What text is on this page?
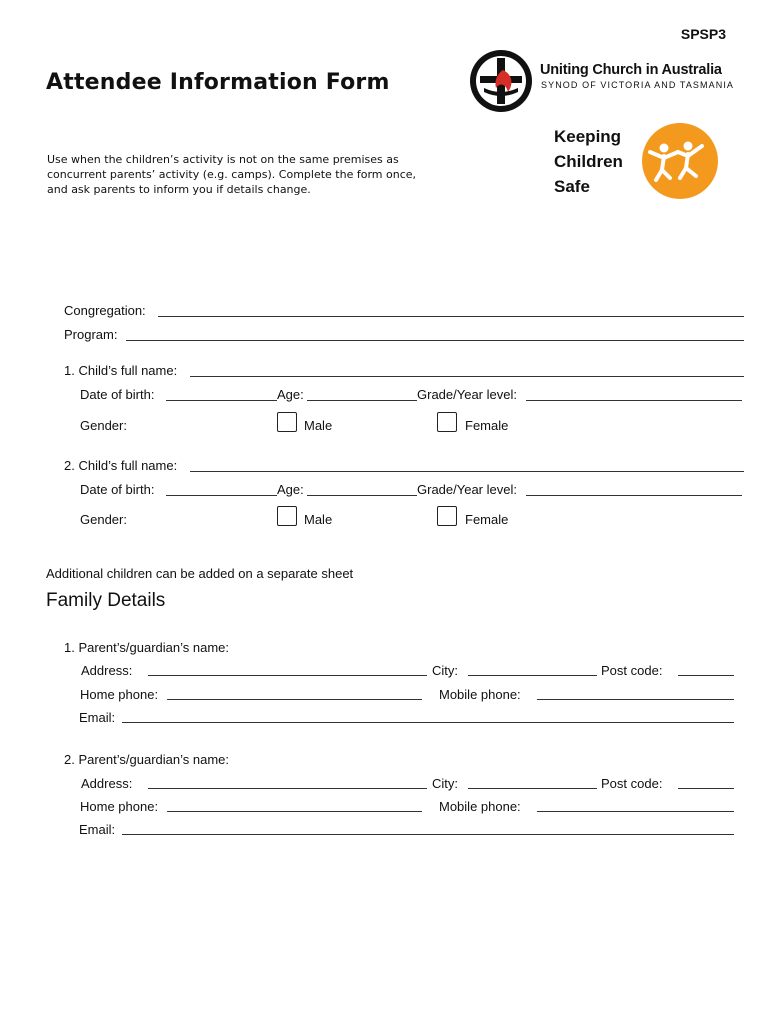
SPSP3
Attendee Information Form
Use when the children’s activity is not on the same premises as
concurrent parents’ activity (e.g. camps). Complete the form once,
and ask parents to inform you if details change.
Uniting Church in Australia
SYNOD OF VICTORIA AND TASMANIA
Keeping
Children
Safe
Congregation:
Program:
1. Child’s full name:
Date of birth:	Age:	Grade/Year level:
Gender:	Male	Female
2. Child’s full name:
Date of birth:	Age:	Grade/Year level:
Gender:	Male	Female
Additional children can be added on a separate sheet
Family Details
1. Parent’s/guardian’s name:
Address:	City:	Post code:
Home phone:	Mobile phone:
Email:
2. Parent’s/guardian’s name:
Address:	City:	Post code:
Home phone:	Mobile phone:
Email:
